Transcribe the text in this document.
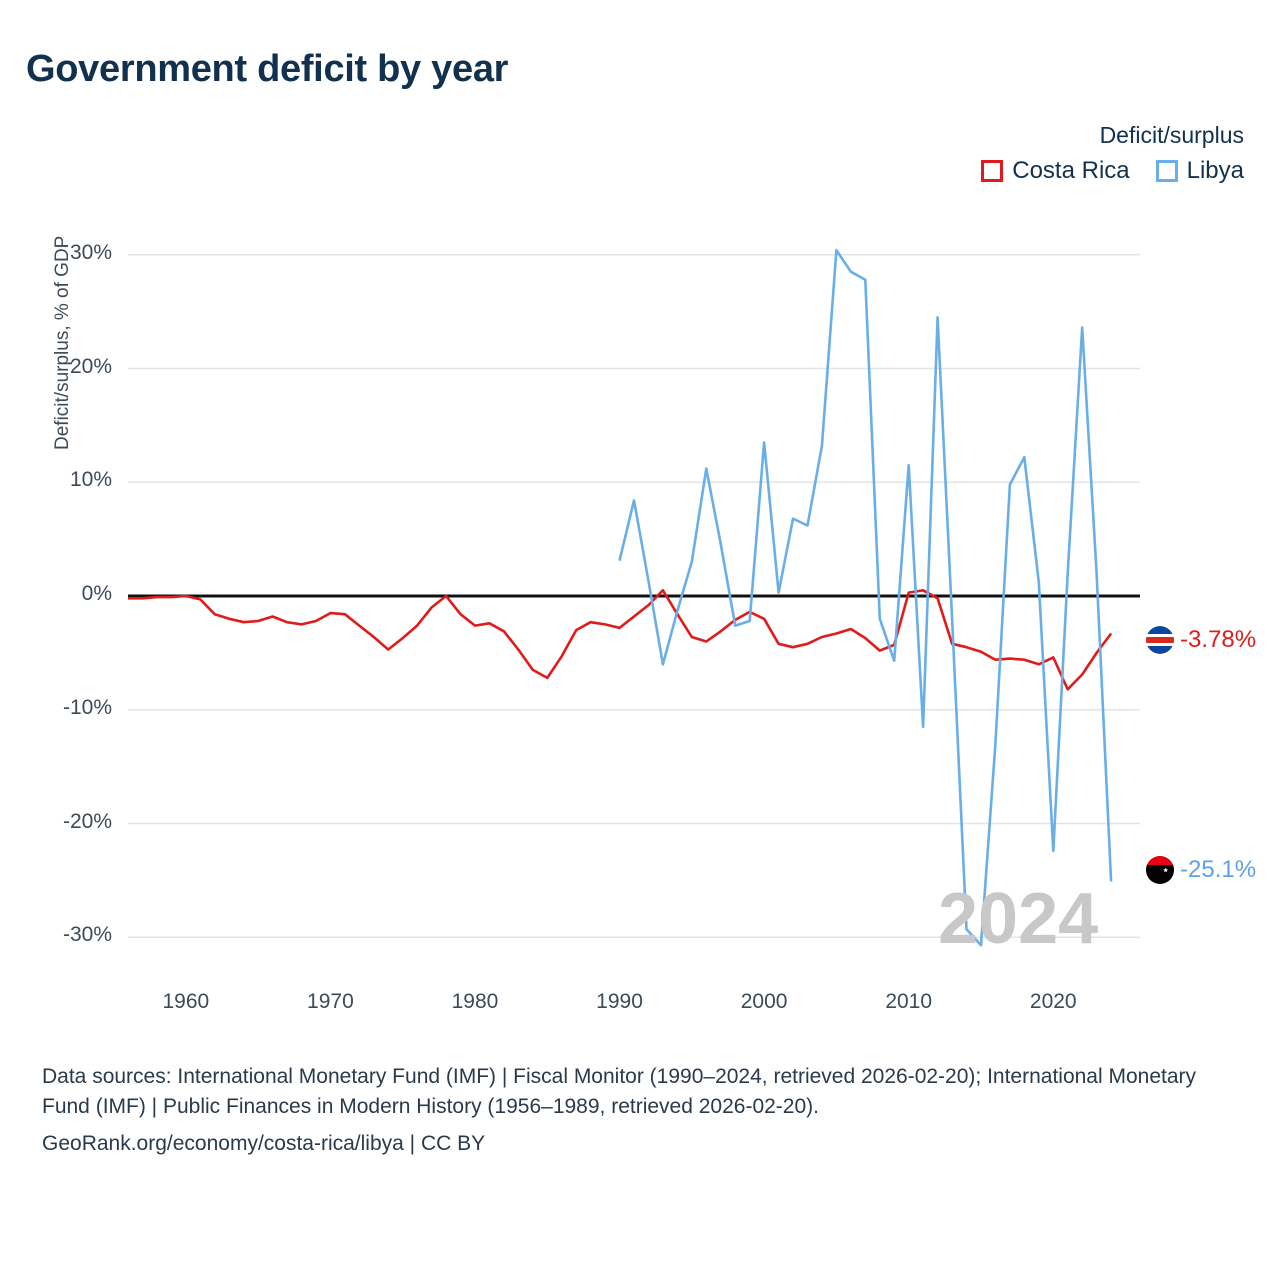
Government deficit by year
Deficit/surplus
Costa Rica Libya
Deficit/surplus, % of GDP
-30%
-20%
-10%
0%
10%
20%
30%
1960	1970	1980	1990	2000	2010	2020
2024
-3.78%
-25.1%

Data sources: International Monetary Fund (IMF) | Fiscal Monitor (1990–2024, retrieved 2026-02-20); International Monetary Fund (IMF) | Public Finances in Modern History (1956–1989, retrieved 2026-02-20).

GeoRank.org/economy/costa-rica/libya | CC BY
